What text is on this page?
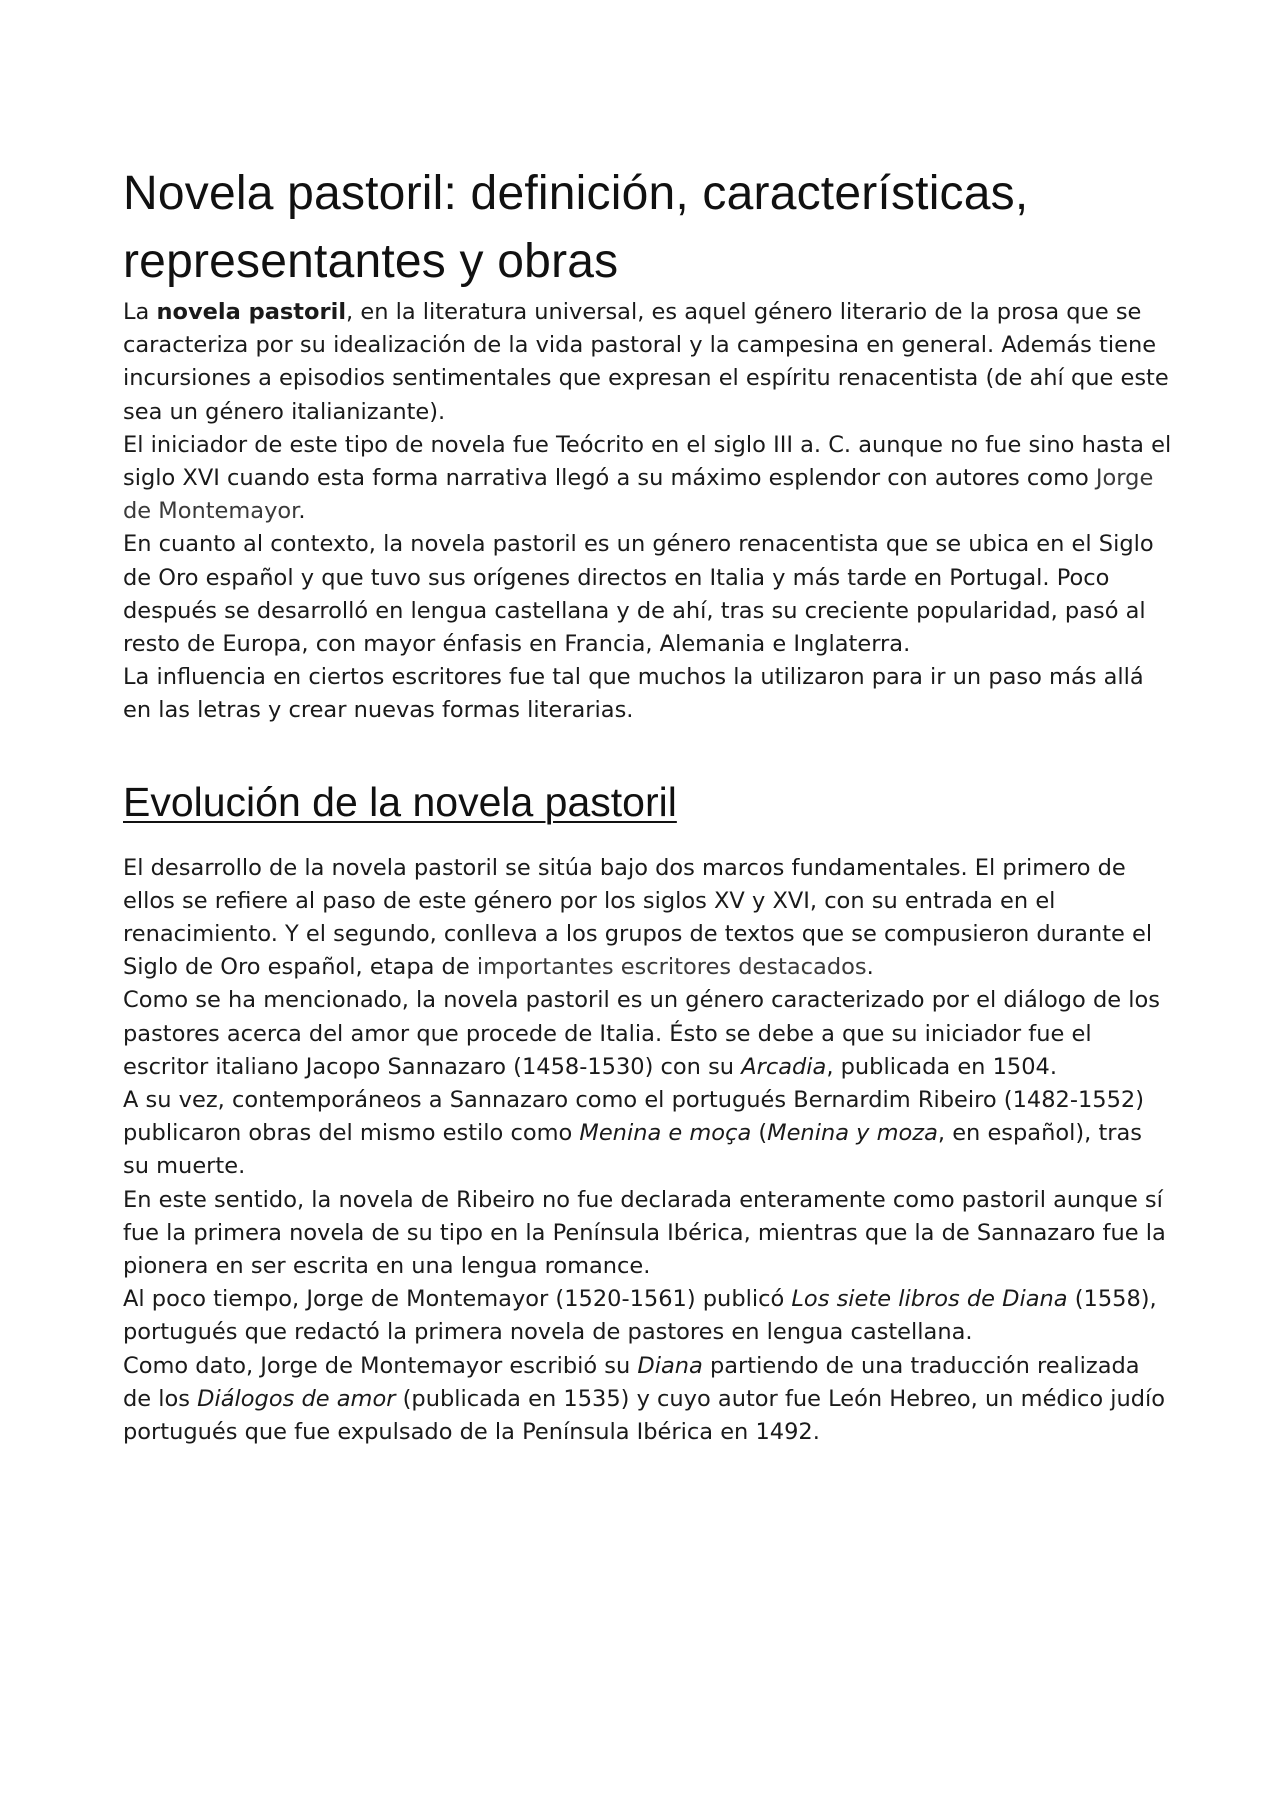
Novela pastoril: definición, características, representantes y obras

La novela pastoril, en la literatura universal, es aquel género literario de la prosa que se caracteriza por su idealización de la vida pastoral y la campesina en general. Además tiene incursiones a episodios sentimentales que expresan el espíritu renacentista (de ahí que este sea un género italianizante).

El iniciador de este tipo de novela fue Teócrito en el siglo III a. C. aunque no fue sino hasta el siglo XVI cuando esta forma narrativa llegó a su máximo esplendor con autores como Jorge de Montemayor.

En cuanto al contexto, la novela pastoril es un género renacentista que se ubica en el Siglo de Oro español y que tuvo sus orígenes directos en Italia y más tarde en Portugal. Poco después se desarrolló en lengua castellana y de ahí, tras su creciente popularidad, pasó al resto de Europa, con mayor énfasis en Francia, Alemania e Inglaterra.

La influencia en ciertos escritores fue tal que muchos la utilizaron para ir un paso más allá en las letras y crear nuevas formas literarias.

Evolución de la novela pastoril

El desarrollo de la novela pastoril se sitúa bajo dos marcos fundamentales. El primero de ellos se refiere al paso de este género por los siglos XV y XVI, con su entrada en el renacimiento. Y el segundo, conlleva a los grupos de textos que se compusieron durante el Siglo de Oro español, etapa de importantes escritores destacados.

Como se ha mencionado, la novela pastoril es un género caracterizado por el diálogo de los pastores acerca del amor que procede de Italia. Ésto se debe a que su iniciador fue el escritor italiano Jacopo Sannazaro (1458-1530) con su Arcadia, publicada en 1504.

A su vez, contemporáneos a Sannazaro como el portugués Bernardim Ribeiro (1482-1552) publicaron obras del mismo estilo como Menina e moça (Menina y moza, en español), tras su muerte.

En este sentido, la novela de Ribeiro no fue declarada enteramente como pastoril aunque sí fue la primera novela de su tipo en la Península Ibérica, mientras que la de Sannazaro fue la pionera en ser escrita en una lengua romance.

Al poco tiempo, Jorge de Montemayor (1520-1561) publicó Los siete libros de Diana (1558), portugués que redactó la primera novela de pastores en lengua castellana.

Como dato, Jorge de Montemayor escribió su Diana partiendo de una traducción realizada de los Diálogos de amor (publicada en 1535) y cuyo autor fue León Hebreo, un médico judío portugués que fue expulsado de la Península Ibérica en 1492.
